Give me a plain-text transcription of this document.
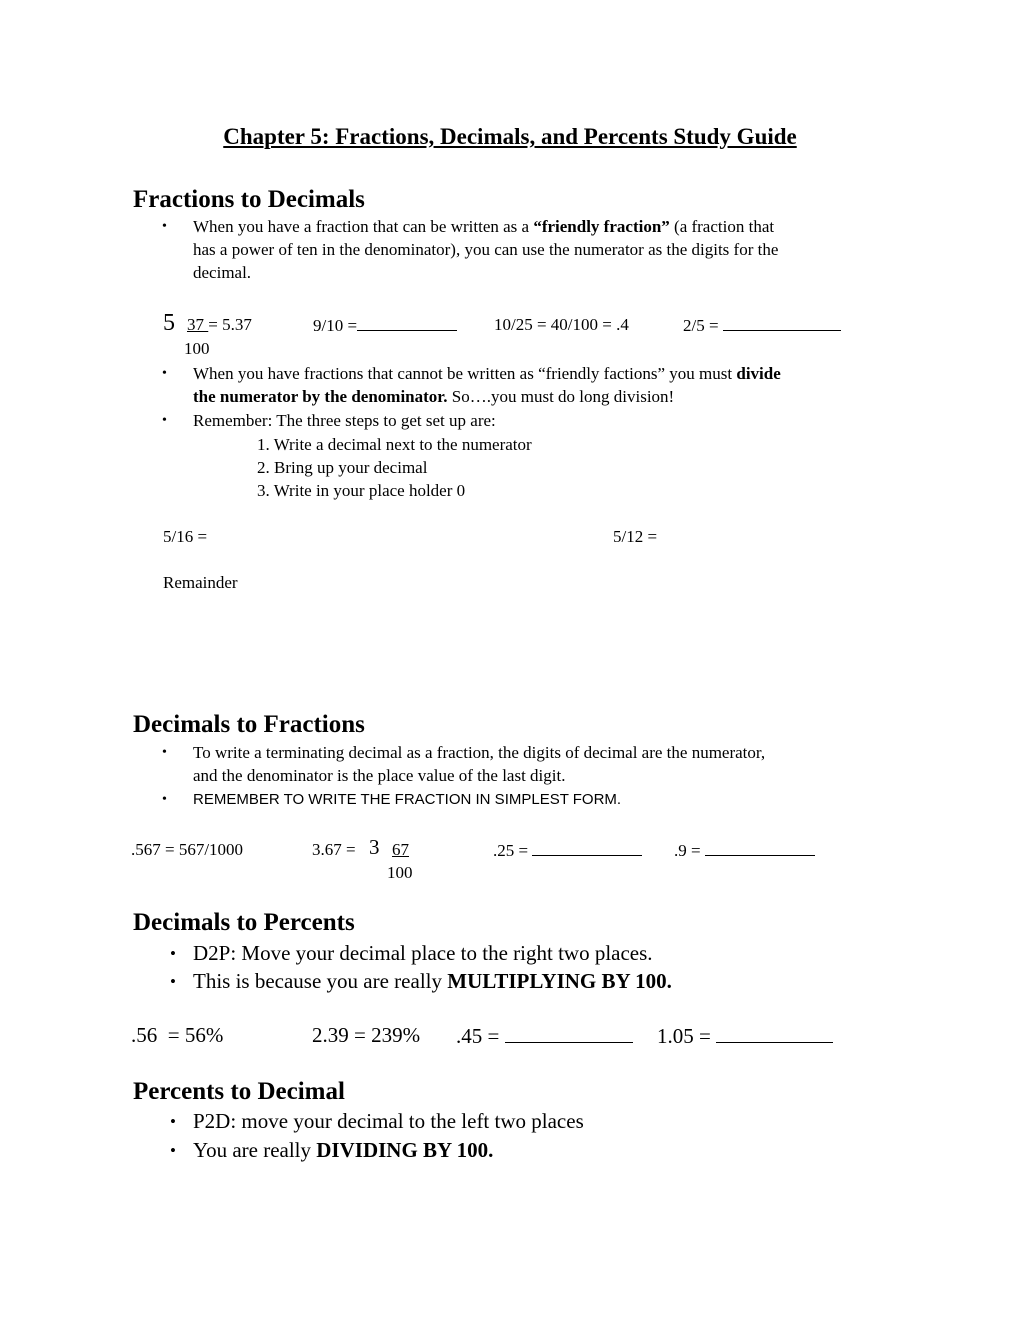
Chapter 5: Fractions, Decimals, and Percents Study Guide
Fractions to Decimals
• When you have a fraction that can be written as a “friendly fraction” (a fraction that
has a power of ten in the denominator), you can use the numerator as the digits for the
decimal.
5 37 = 5.37
100
9/10 =	10/25 = 40/100 = .4	2/5 =
• When you have fractions that cannot be written as “friendly factions” you must divide
the numerator by the denominator. So….you must do long division!
• Remember: The three steps to get set up are:
1. Write a decimal next to the numerator
2. Bring up your decimal
3. Write in your place holder 0
5/16 =	5/12 =
Remainder
Decimals to Fractions
• To write a terminating decimal as a fraction, the digits of decimal are the numerator,
and the denominator is the place value of the last digit.
• REMEMBER TO WRITE THE FRACTION IN SIMPLEST FORM.
.567 = 567/1000	3.67 = 3 67
100
.25 =	.9 =
Decimals to Percents
• D2P: Move your decimal place to the right two places.
• This is because you are really MULTIPLYING BY 100.
.56  = 56%	2.39 = 239% .45 =	1.05 =
Percents to Decimal
• P2D: move your decimal to the left two places
• You are really DIVIDING BY 100.
